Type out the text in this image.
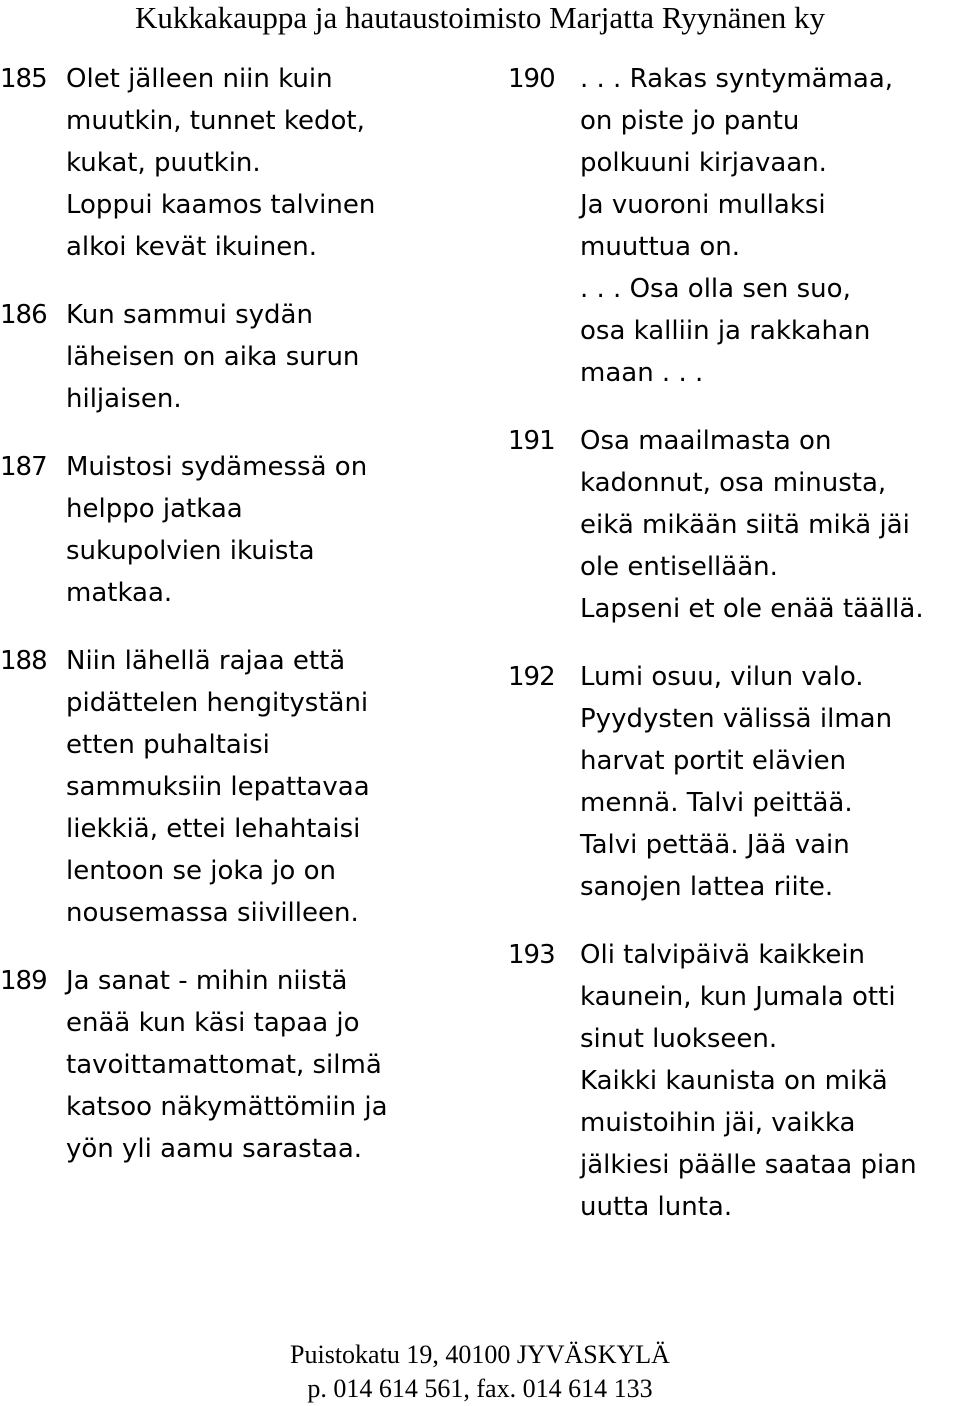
Kukkakauppa ja hautaustoimisto Marjatta Ryynänen ky
185 Olet jälleen niin kuin
muutkin, tunnet kedot,
kukat, puutkin.
Loppui kaamos talvinen
alkoi kevät ikuinen.
186 Kun sammui sydän
läheisen on aika surun
hiljaisen.
187 Muistosi sydämessä on
helppo jatkaa
sukupolvien ikuista
matkaa.
188 Niin lähellä rajaa että
pidättelen hengitystäni
etten puhaltaisi
sammuksiin lepattavaa
liekkiä, ettei lehahtaisi
lentoon se joka jo on
nousemassa siivilleen.
189 Ja sanat - mihin niistä
enää kun käsi tapaa jo
tavoittamattomat, silmä
katsoo näkymättömiin ja
yön yli aamu sarastaa.
190 . . . Rakas syntymämaa,
on piste jo pantu
polkuuni kirjavaan.
Ja vuoroni mullaksi
muuttua on.
. . . Osa olla sen suo,
osa kalliin ja rakkahan
maan . . .
191 Osa maailmasta on
kadonnut, osa minusta,
eikä mikään siitä mikä jäi
ole entisellään.
Lapseni et ole enää täällä.
192 Lumi osuu, vilun valo.
Pyydysten välissä ilman
harvat portit elävien
mennä. Talvi peittää.
Talvi pettää. Jää vain
sanojen lattea riite.
193 Oli talvipäivä kaikkein
kaunein, kun Jumala otti
sinut luokseen.
Kaikki kaunista on mikä
muistoihin jäi, vaikka
jälkiesi päälle saataa pian
uutta lunta.
Puistokatu 19, 40100 JYVÄSKYLÄ
p. 014 614 561, fax. 014 614 133
